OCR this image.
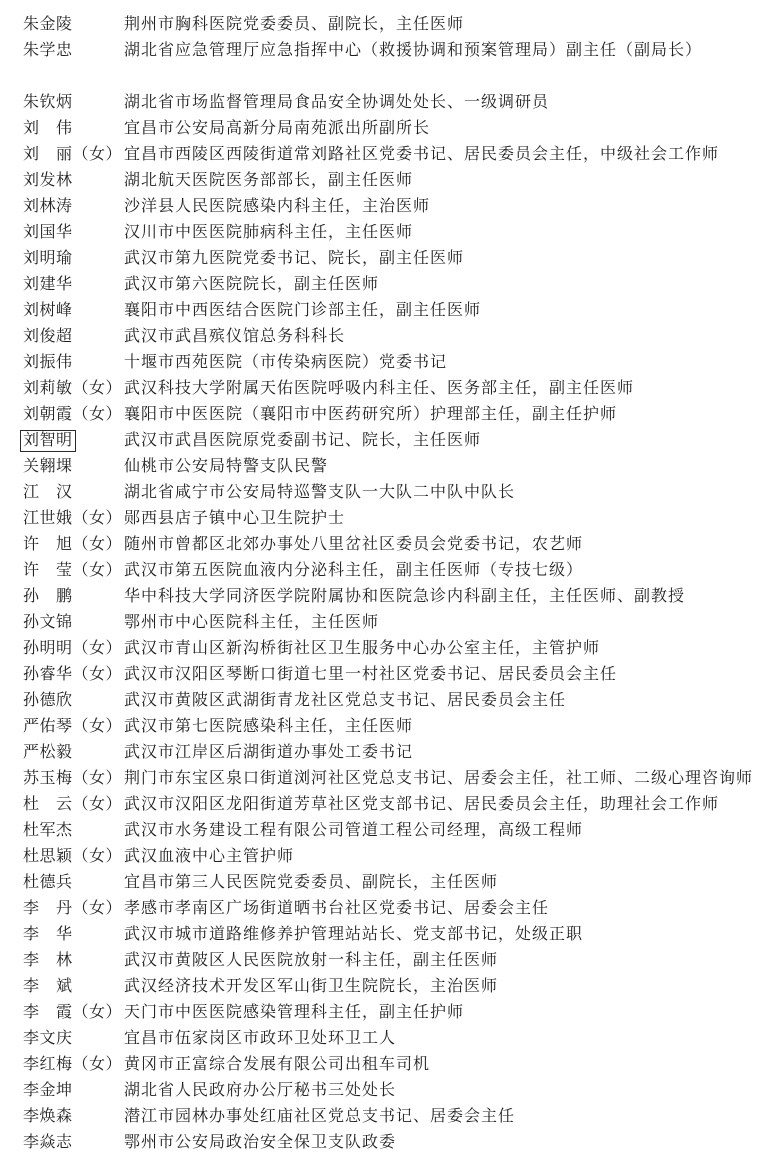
朱金陵	荆州市胸科医院党委委员、副院长，主任医师
朱学忠	湖北省应急管理厅应急指挥中心（救援协调和预案管理局）副主任（副局长）
朱钦炳	湖北省市场监督管理局食品安全协调处处长、一级调研员
刘　伟	宜昌市公安局高新分局南苑派出所副所长
刘　丽（女） 宜昌市西陵区西陵街道常刘路社区党委书记、居民委员会主任，中级社会工作师
刘发林	湖北航天医院医务部部长，副主任医师
刘林涛	沙洋县人民医院感染内科主任，主治医师
刘国华	汉川市中医医院肺病科主任，主任医师
刘明瑜	武汉市第九医院党委书记、院长，副主任医师
刘建华	武汉市第六医院院长，副主任医师
刘树峰	襄阳市中西医结合医院门诊部主任，副主任医师
刘俊超	武汉市武昌殡仪馆总务科科长
刘振伟	十堰市西苑医院（市传染病医院）党委书记
刘莉敏（女） 武汉科技大学附属天佑医院呼吸内科主任、医务部主任，副主任医师
刘朝霞（女） 襄阳市中医医院（襄阳市中医药研究所）护理部主任，副主任护师
刘智明	武汉市武昌医院原党委副书记、院长，主任医师
关翱堁	仙桃市公安局特警支队民警
江　汉	湖北省咸宁市公安局特巡警支队一大队二中队中队长
江世娥（女） 郧西县店子镇中心卫生院护士
许　旭（女） 随州市曾都区北郊办事处八里岔社区委员会党委书记，农艺师
许　莹（女） 武汉市第五医院血液内分泌科主任，副主任医师（专技七级）
孙　鹏	华中科技大学同济医学院附属协和医院急诊内科副主任，主任医师、副教授
孙文锦	鄂州市中心医院科主任，主任医师
孙明明（女） 武汉市青山区新沟桥街社区卫生服务中心办公室主任，主管护师
孙睿华（女） 武汉市汉阳区琴断口街道七里一村社区党委书记、居民委员会主任
孙德欣	武汉市黄陂区武湖街青龙社区党总支书记、居民委员会主任
严佑琴（女） 武汉市第七医院感染科主任，主任医师
严松毅	武汉市江岸区后湖街道办事处工委书记
苏玉梅（女） 荆门市东宝区泉口街道浏河社区党总支书记、居委会主任，社工师、二级心理咨询师
杜　云（女） 武汉市汉阳区龙阳街道芳草社区党支部书记、居民委员会主任，助理社会工作师
杜军杰	武汉市水务建设工程有限公司管道工程公司经理，高级工程师
杜思颖（女） 武汉血液中心主管护师
杜德兵	宜昌市第三人民医院党委委员、副院长，主任医师
李　丹（女） 孝感市孝南区广场街道晒书台社区党委书记、居委会主任
李　华	武汉市城市道路维修养护管理站站长、党支部书记，处级正职
李　林	武汉市黄陂区人民医院放射一科主任，副主任医师
李　斌	武汉经济技术开发区军山街卫生院院长，主治医师
李　霞（女） 天门市中医医院感染管理科主任，副主任护师
李文庆	宜昌市伍家岗区市政环卫处环卫工人
李红梅（女） 黄冈市正富综合发展有限公司出租车司机
李金坤	湖北省人民政府办公厅秘书三处处长
李焕森	潜江市园林办事处红庙社区党总支书记、居委会主任
李焱志	鄂州市公安局政治安全保卫支队政委
